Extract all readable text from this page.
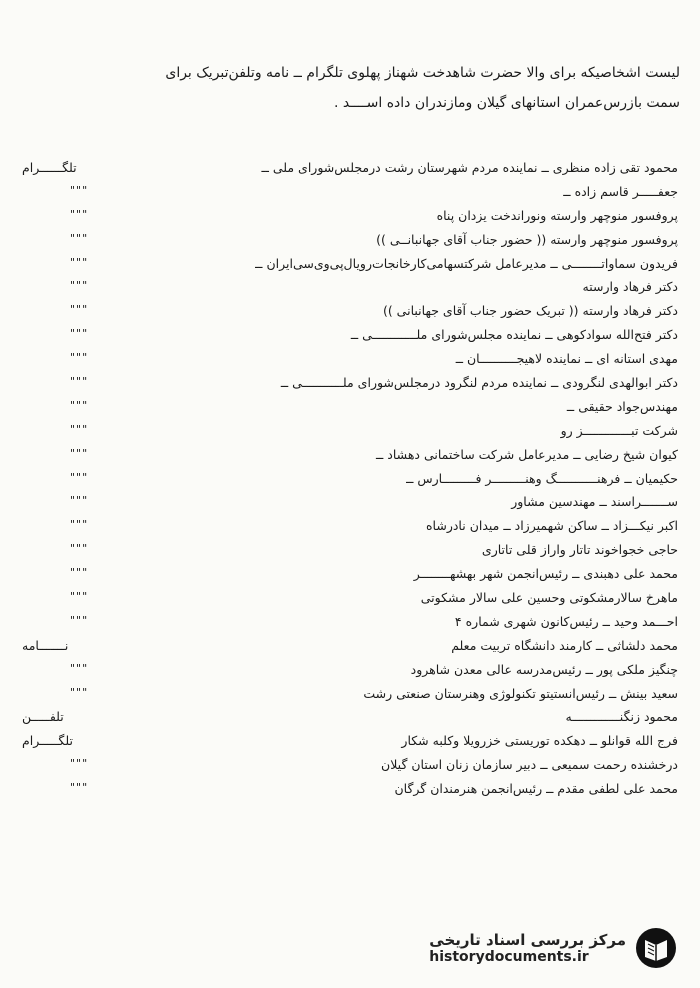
لیست اشخاصیکه برای والا حضرت شاهدخت شهناز پهلوی تلگرام ــ نامه وتلفن‌تبریک برای
سمت بازرس‌عمران استانهای گیلان ومازندران داده اســــد .
محمود تقی زاده منظری ــ نماینده مردم شهرستان رشت درمجلس‌شورای ملی ــ
تلگــــــرام
جعفـــــر قاسم زاده ــ
"""
پروفسور منوچهر وارسته ونوراندخت یزدان پناه
"""
پروفسور منوچهر وارسته (( حضور جناب آقای جهانبانــی ))
"""
فریدون سماواتــــــــی ــ مدیرعامل شرکتسهامی‌کارخانجات‌رویال‌پی‌وی‌سی‌ایران ــ
"""
دکتر فرهاد وارسته
"""
دکتر فرهاد وارسته (( تبریک حضور جناب آقای جهانبانی ))
"""
دکتر فتح‌الله سوادکوهی ــ نماینده مجلس‌شورای ملــــــــــــی ــ
"""
مهدی استانه ای ــ نماینده لاهیجــــــــــان ــ
"""
دکتر ابوالهدی لنگرودی ــ نماینده مردم لنگرود درمجلس‌شورای ملـــــــــــی ــ
"""
مهندس‌جواد حقیقی ــ
"""
شرکت تبـــــــــــــز رو
"""
کیوان شیخ رضایی ــ مدیرعامل شرکت ساختمانی دهشاد ــ
"""
حکیمیان ــ فرهنـــــــــــگ وهنـــــــــر فـــــــــارس ــ
"""
ســـــــراسند ــ مهندسین مشاور
"""
اکبر نیکـــزاد ــ ساکن شهمیرزاد ــ میدان نادرشاه
"""
حاجی خجواخوند تاتار واراز قلی تاتاری
"""
محمد علی دهبندی ــ رئیس‌انجمن شهر بهشهــــــــر
"""
ماهرخ سالارمشکوتی وحسین علی سالار مشکوتی
"""
احـــمد وحید ــ رئیس‌کانون شهری شماره ۴
"""
محمد دلشاثی ــ کارمند دانشگاه تربیت معلم
نـــــــامه
چنگیز ملکی پور ــ رئیس‌مدرسه عالی معدن شاهرود
"""
سعید بینش ــ رئیس‌انستیتو تکنولوژی وهنرستان صنعتی رشت
"""
محمود زنگنـــــــــــــه
تلفـــــن
فرج الله قوانلو ــ دهکده توریستی خزرویلا وکلبه شکار
تلگـــــرام
درخشنده رحمت سمیعی ــ دبیر سازمان زنان استان گیلان
"""
محمد علی لطفی مقدم ــ رئیس‌انجمن هنرمندان گرگان
"""
مرکز بررسی اسناد تاریخی
historydocuments.ir
